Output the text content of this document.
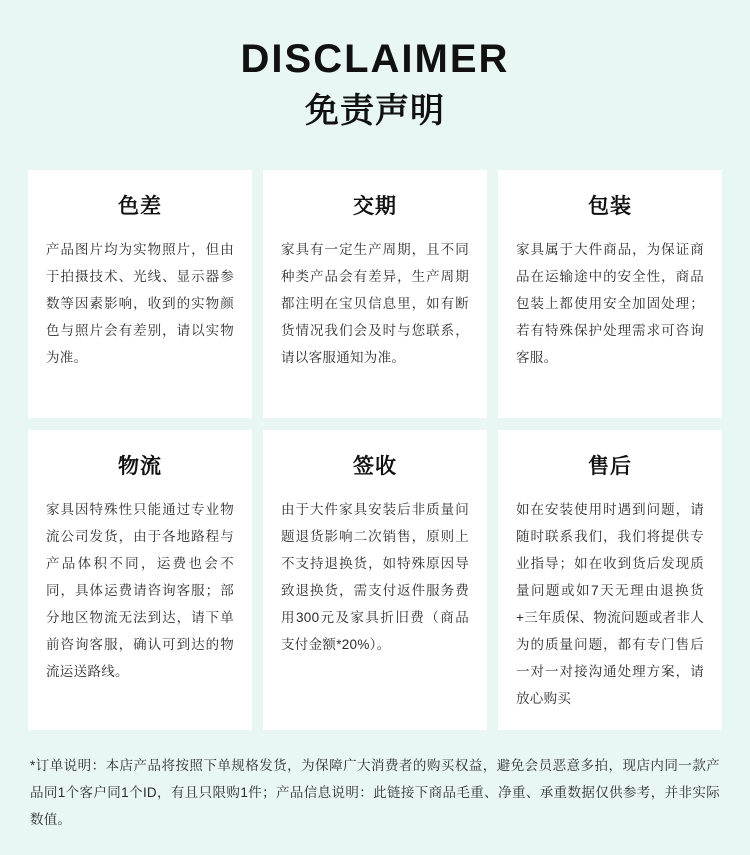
DISCLAIMER
免责声明
色差
产品图片均为实物照片，但由于拍摄技术、光线、显示器参数等因素影响，收到的实物颜色与照片会有差别，请以实物为准。
交期
家具有一定生产周期，且不同种类产品会有差异，生产周期都注明在宝贝信息里，如有断货情况我们会及时与您联系，请以客服通知为准。
包装
家具属于大件商品，为保证商品在运输途中的安全性，商品包装上都使用安全加固处理；若有特殊保护处理需求可咨询客服。
物流
家具因特殊性只能通过专业物流公司发货，由于各地路程与产品体积不同，运费也会不同，具体运费请咨询客服；部分地区物流无法到达，请下单前咨询客服，确认可到达的物流运送路线。
签收
由于大件家具安装后非质量问题退货影响二次销售，原则上不支持退换货，如特殊原因导致退换货，需支付返件服务费用300元及家具折旧费（商品支付金额*20%）。
售后
如在安装使用时遇到问题，请随时联系我们，我们将提供专业指导；如在收到货后发现质量问题或如7天无理由退换货+三年质保、物流问题或者非人为的质量问题，都有专门售后一对一对接沟通处理方案，请放心购买
*订单说明：本店产品将按照下单规格发货，为保障广大消费者的购买权益，避免会员恶意多拍，现店内同一款产品同1个客户同1个ID，有且只限购1件；产品信息说明：此链接下商品毛重、净重、承重数据仅供参考，并非实际数值。
